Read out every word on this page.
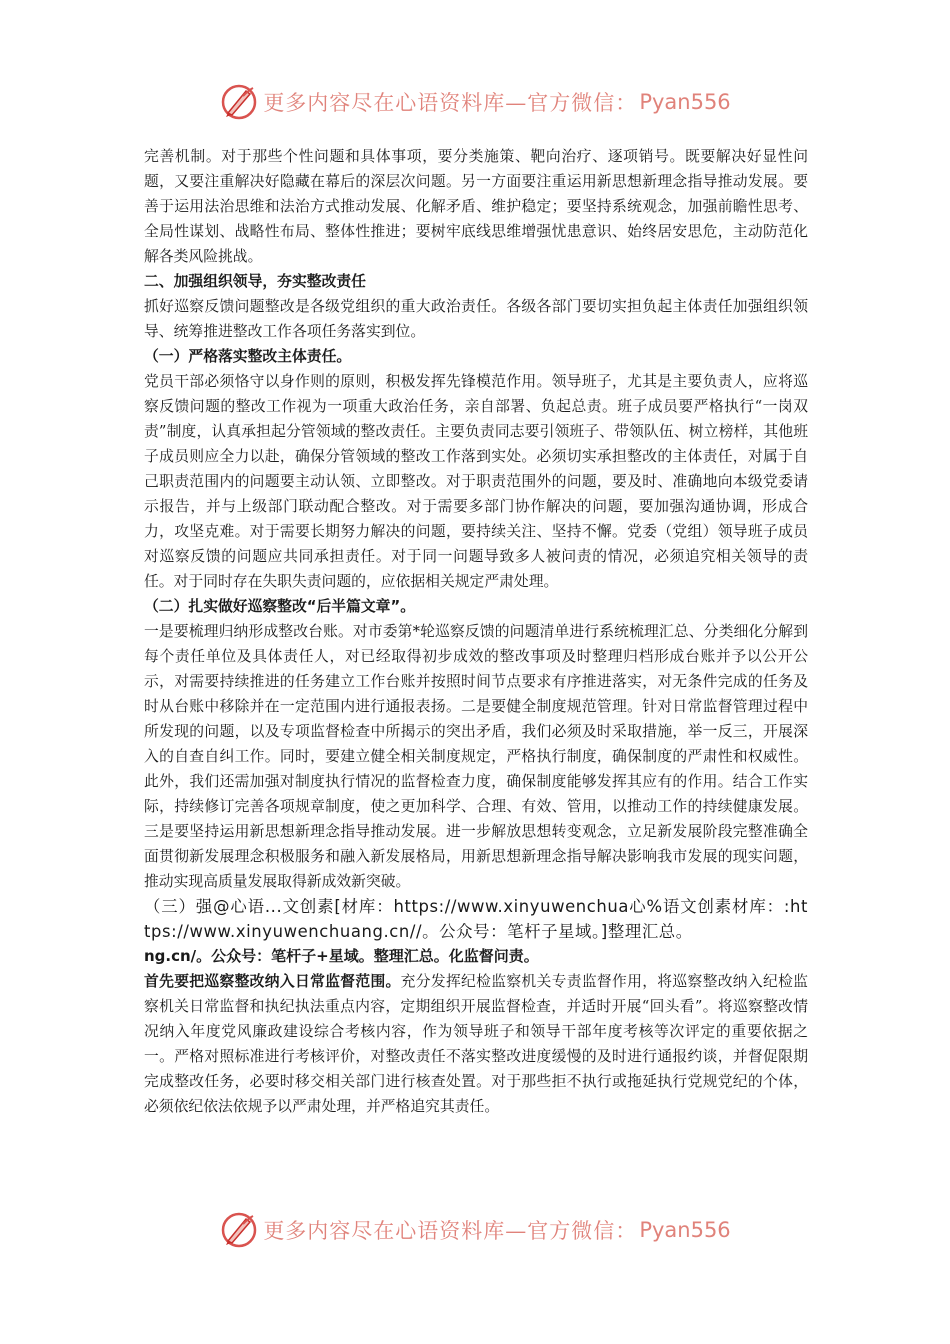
更多内容尽在心语资料库—官方微信： Pyan556

完善机制。对于那些个性问题和具体事项，要分类施策、靶向治疗、逐项销号。既要解决好显性问题，又要注重解决好隐藏在幕后的深层次问题。另一方面要注重运用新思想新理念指导推动发展。要善于运用法治思维和法治方式推动发展、化解矛盾、维护稳定；要坚持系统观念，加强前瞻性思考、全局性谋划、战略性布局、整体性推进；要树牢底线思维增强忧患意识、始终居安思危，主动防范化解各类风险挑战。

二、加强组织领导，夯实整改责任

抓好巡察反馈问题整改是各级党组织的重大政治责任。各级各部门要切实担负起主体责任加强组织领导、统筹推进整改工作各项任务落实到位。

（一）严格落实整改主体责任。

党员干部必须恪守以身作则的原则，积极发挥先锋模范作用。领导班子，尤其是主要负责人，应将巡察反馈问题的整改工作视为一项重大政治任务，亲自部署、负起总责。班子成员要严格执行“一岗双责”制度，认真承担起分管领域的整改责任。主要负责同志要引领班子、带领队伍、树立榜样，其他班子成员则应全力以赴，确保分管领域的整改工作落到实处。必须切实承担整改的主体责任，对属于自己职责范围内的问题要主动认领、立即整改。对于职责范围外的问题，要及时、准确地向本级党委请示报告，并与上级部门联动配合整改。对于需要多部门协作解决的问题，要加强沟通协调，形成合力，攻坚克难。对于需要长期努力解决的问题，要持续关注、坚持不懈。党委（党组）领导班子成员对巡察反馈的问题应共同承担责任。对于同一问题导致多人被问责的情况，必须追究相关领导的责任。对于同时存在失职失责问题的，应依据相关规定严肃处理。

（二）扎实做好巡察整改“后半篇文章”。

一是要梳理归纳形成整改台账。对市委第*轮巡察反馈的问题清单进行系统梳理汇总、分类细化分解到每个责任单位及具体责任人，对已经取得初步成效的整改事项及时整理归档形成台账并予以公开公示，对需要持续推进的任务建立工作台账并按照时间节点要求有序推进落实，对无条件完成的任务及时从台账中移除并在一定范围内进行通报表扬。二是要健全制度规范管理。针对日常监督管理过程中所发现的问题，以及专项监督检查中所揭示的突出矛盾，我们必须及时采取措施，举一反三，开展深入的自查自纠工作。同时，要建立健全相关制度规定，严格执行制度，确保制度的严肃性和权威性。此外，我们还需加强对制度执行情况的监督检查力度，确保制度能够发挥其应有的作用。结合工作实际，持续修订完善各项规章制度，使之更加科学、合理、有效、管用，以推动工作的持续健康发展。三是要坚持运用新思想新理念指导推动发展。进一步解放思想转变观念，立足新发展阶段完整准确全面贯彻新发展理念积极服务和融入新发展格局，用新思想新理念指导解决影响我市发展的现实问题，推动实现高质量发展取得新成效新突破。

（三）强@心语...文创素[材库：https://www.xinyuwenchua心%语文创素材库：:https://www.xinyuwenchuang.cn//。公众号：笔杆子星域。]整理汇总。

ng.cn/。公众号：笔杆子+星域。整理汇总。化监督问责。

首先要把巡察整改纳入日常监督范围。充分发挥纪检监察机关专责监督作用，将巡察整改纳入纪检监察机关日常监督和执纪执法重点内容，定期组织开展监督检查，并适时开展“回头看”。将巡察整改情况纳入年度党风廉政建设综合考核内容，作为领导班子和领导干部年度考核等次评定的重要依据之一。严格对照标准进行考核评价，对整改责任不落实整改进度缓慢的及时进行通报约谈，并督促限期完成整改任务，必要时移交相关部门进行核查处置。对于那些拒不执行或拖延执行党规党纪的个体，必须依纪依法依规予以严肃处理，并严格追究其责任。

更多内容尽在心语资料库—官方微信： Pyan556
